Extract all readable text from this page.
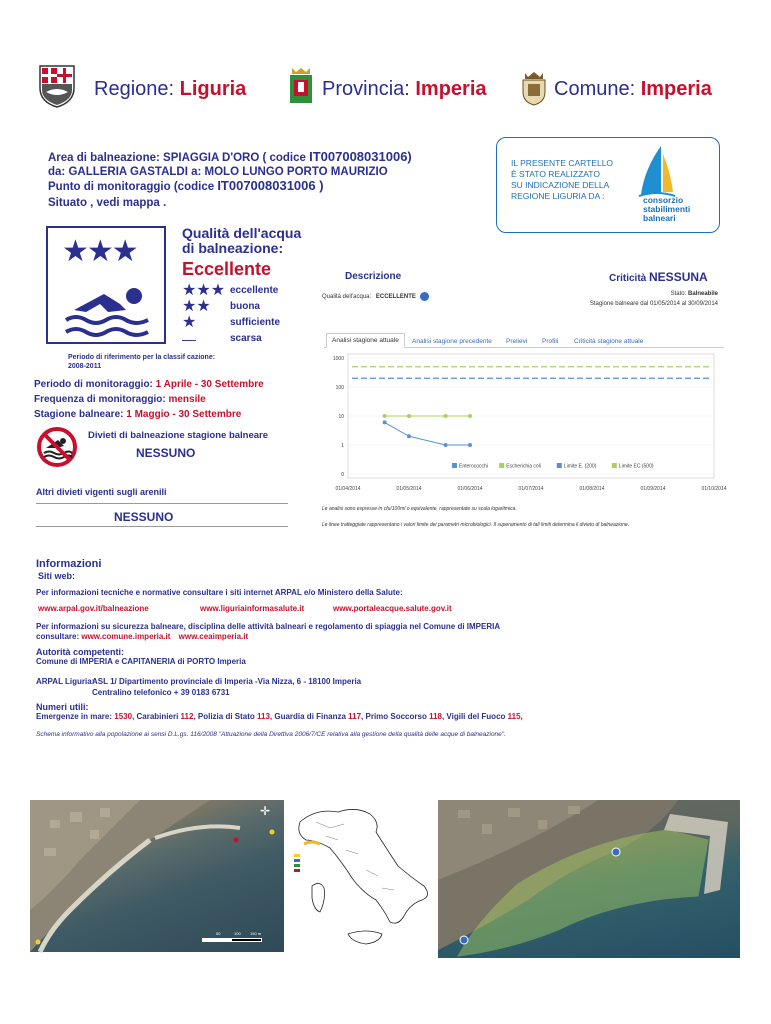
Regione: Liguria	Provincia: Imperia	Comune: Imperia
Area di balneazione: SPIAGGIA D'ORO ( codice IT007008031006)
da: GALLERIA GASTALDI a: MOLO LUNGO PORTO MAURIZIO
Punto di monitoraggio (codice IT007008031006 )
Situato , vedi mappa .
IL PRESENTE CARTELLO
È STATO REALIZZATO
SU INDICAZIONE DELLA
REGIONE LIGURIA DA :	consorzio
stabilimenti
balneari
★★★
Qualità dell'acqua
di balneazione:
Eccellente
★★★ eccellente
★★ buona
★	sufficiente
—	scarsa
Periodo di riferimento per la classif cazione:
2008-2011
Periodo di monitoraggio: 1 Aprile - 30 Settembre
Frequenza di monitoraggio: mensile
Stagione balneare: 1 Maggio - 30 Settembre
Divieti di balneazione stagione balneare
NESSUNO
Altri divieti vigenti sugli arenili
NESSUNO
Descrizione	Criticità NESSUNA
Qualità dell'acqua: ECCELLENTE
Stato: Balneabile
Stagione balneare dal 01/05/2014 al 30/09/2014
Analisi stagione attuale	Analisi stagione precedente Prelievi Profili Criticità stagione attuale
1000
100
10
1
0
01/04/2014	01/05/2014	01/06/2014	01/07/2014	01/08/2014	01/09/2014	01/10/2014
Enterococchi	Escherichia coli	Limite E. (200)	Limite EC (500)
Le analisi sono espresse in cfu/100ml o equivalente, rappresentate su scala logaritmica.
Le linee tratteggiate rappresentano i valori limite dei parametri microbiologici. Il superamento di tali limiti determina il divieto di balneazione.
Informazioni
Siti web:
Per informazioni tecniche e normative consultare i siti internet ARPAL e/o Ministero della Salute:
www.arpal.gov.it/balneazione	www.liguriainformasalute.it	www.portaleacque.salute.gov.it
Per informazioni su sicurezza balneare, disciplina delle attività balneari e regolamento di spiaggia nel Comune di IMPERIA
consultare: www.comune.imperia.it www.ceaimperia.it
Autorità competenti:
Comune di IMPERIA e CAPITANERIA di PORTO Imperia
ARPAL Liguria:
ASL 1/ Dipartimento provinciale di Imperia -Via Nizza, 6 - 18100 Imperia
Centralino telefonico + 39 0183 6731
Numeri utili:
Emergenze in mare: 1530, Carabinieri 112, Polizia di Stato 113, Guardia di Finanza 117, Primo Soccorso 118, Vigili del Fuoco 115,
Schema informativo alla popolazione ai sensi D.L.gs. 116/2008 "Attuazione della Direttiva 2006/7/CE relativa alla gestione della qualità delle acque di balneazione".
✛
50	100 150 m
